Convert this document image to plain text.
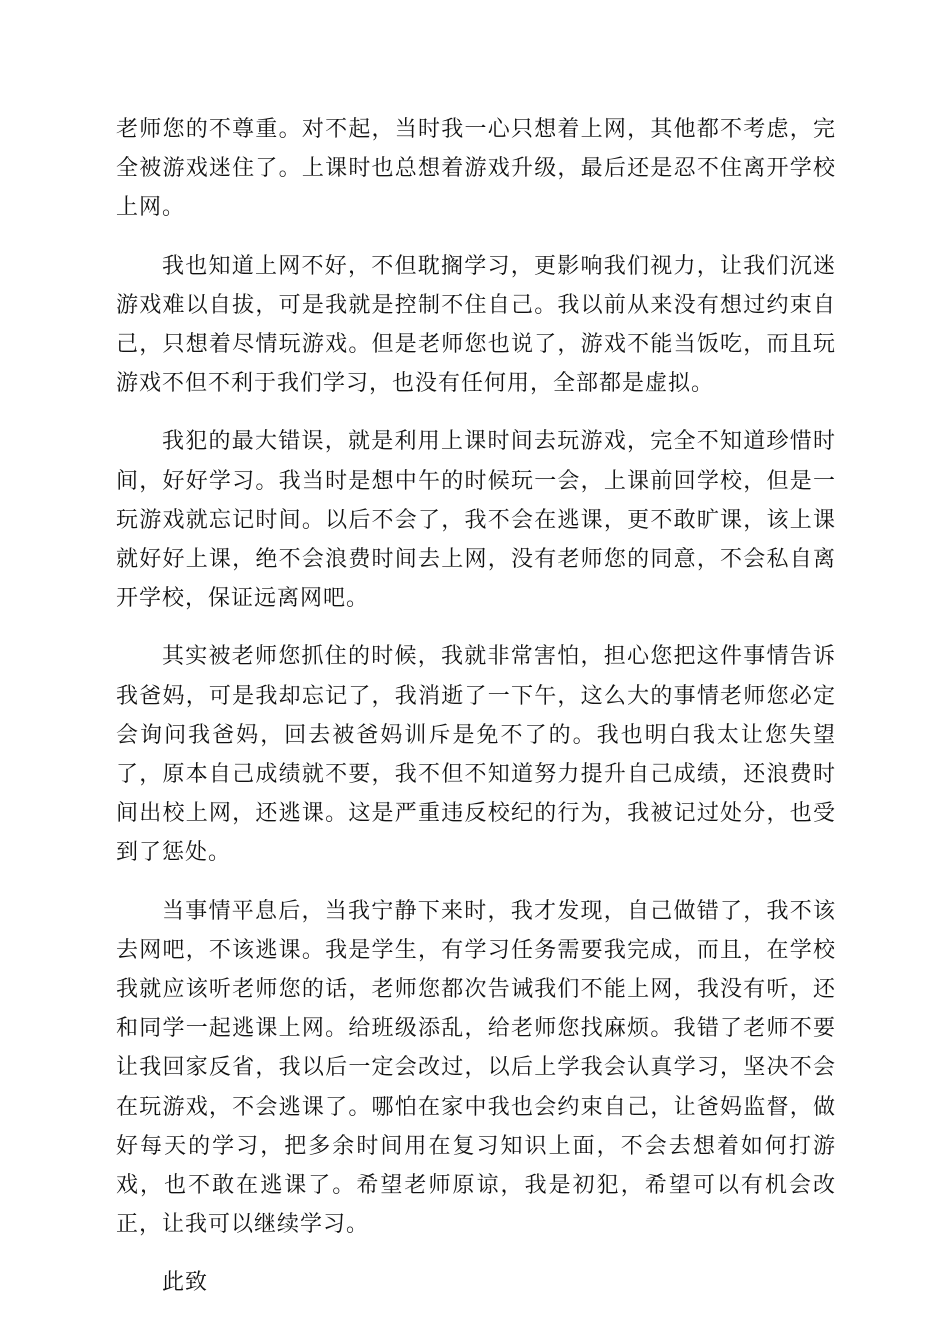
老师您的不尊重。对不起，当时我一心只想着上网，其他都不考虑，完全被游戏迷住了。上课时也总想着游戏升级，最后还是忍不住离开学校上网。

我也知道上网不好，不但耽搁学习，更影响我们视力，让我们沉迷游戏难以自拔，可是我就是控制不住自己。我以前从来没有想过约束自己，只想着尽情玩游戏。但是老师您也说了，游戏不能当饭吃，而且玩游戏不但不利于我们学习，也没有任何用，全部都是虚拟。

我犯的最大错误，就是利用上课时间去玩游戏，完全不知道珍惜时间，好好学习。我当时是想中午的时候玩一会，上课前回学校，但是一玩游戏就忘记时间。以后不会了，我不会在逃课，更不敢旷课，该上课就好好上课，绝不会浪费时间去上网，没有老师您的同意，不会私自离开学校，保证远离网吧。

其实被老师您抓住的时候，我就非常害怕，担心您把这件事情告诉我爸妈，可是我却忘记了，我消逝了一下午，这么大的事情老师您必定会询问我爸妈，回去被爸妈训斥是免不了的。我也明白我太让您失望了，原本自己成绩就不要，我不但不知道努力提升自己成绩，还浪费时间出校上网，还逃课。这是严重违反校纪的行为，我被记过处分，也受到了惩处。

当事情平息后，当我宁静下来时，我才发现，自己做错了，我不该去网吧，不该逃课。我是学生，有学习任务需要我完成，而且，在学校我就应该听老师您的话，老师您都次告诫我们不能上网，我没有听，还和同学一起逃课上网。给班级添乱，给老师您找麻烦。我错了老师不要让我回家反省，我以后一定会改过，以后上学我会认真学习，坚决不会在玩游戏，不会逃课了。哪怕在家中我也会约束自己，让爸妈监督，做好每天的学习，把多余时间用在复习知识上面，不会去想着如何打游戏，也不敢在逃课了。希望老师原谅，我是初犯，希望可以有机会改正，让我可以继续学习。

此致
